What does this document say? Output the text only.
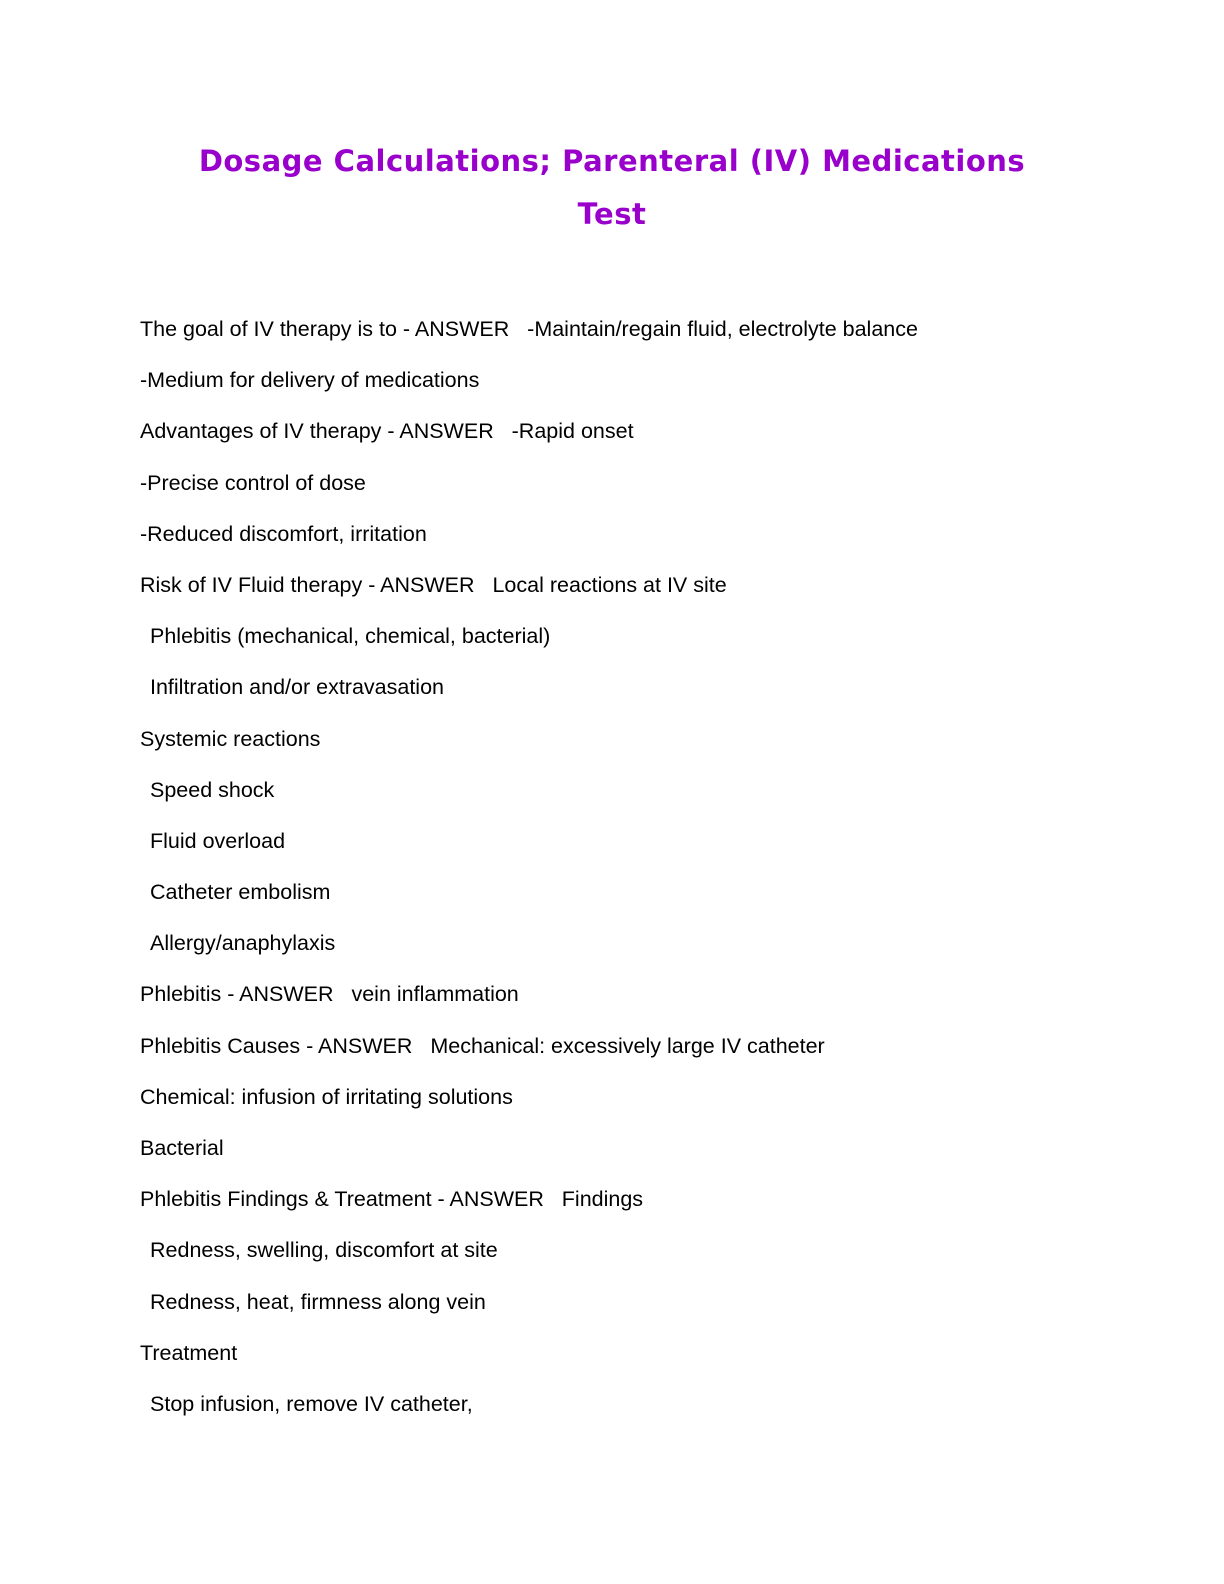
Dosage Calculations; Parenteral (IV) Medications
Test
The goal of IV therapy is to - ANSWER   -Maintain/regain fluid, electrolyte balance
-Medium for delivery of medications
Advantages of IV therapy - ANSWER   -Rapid onset
-Precise control of dose
-Reduced discomfort, irritation
Risk of IV Fluid therapy - ANSWER   Local reactions at IV site
Phlebitis (mechanical, chemical, bacterial)
Infiltration and/or extravasation
Systemic reactions
Speed shock
Fluid overload
Catheter embolism
Allergy/anaphylaxis
Phlebitis - ANSWER   vein inflammation
Phlebitis Causes - ANSWER   Mechanical: excessively large IV catheter
Chemical: infusion of irritating solutions
Bacterial
Phlebitis Findings & Treatment - ANSWER   Findings
Redness, swelling, discomfort at site
Redness, heat, firmness along vein
Treatment
Stop infusion, remove IV catheter,
